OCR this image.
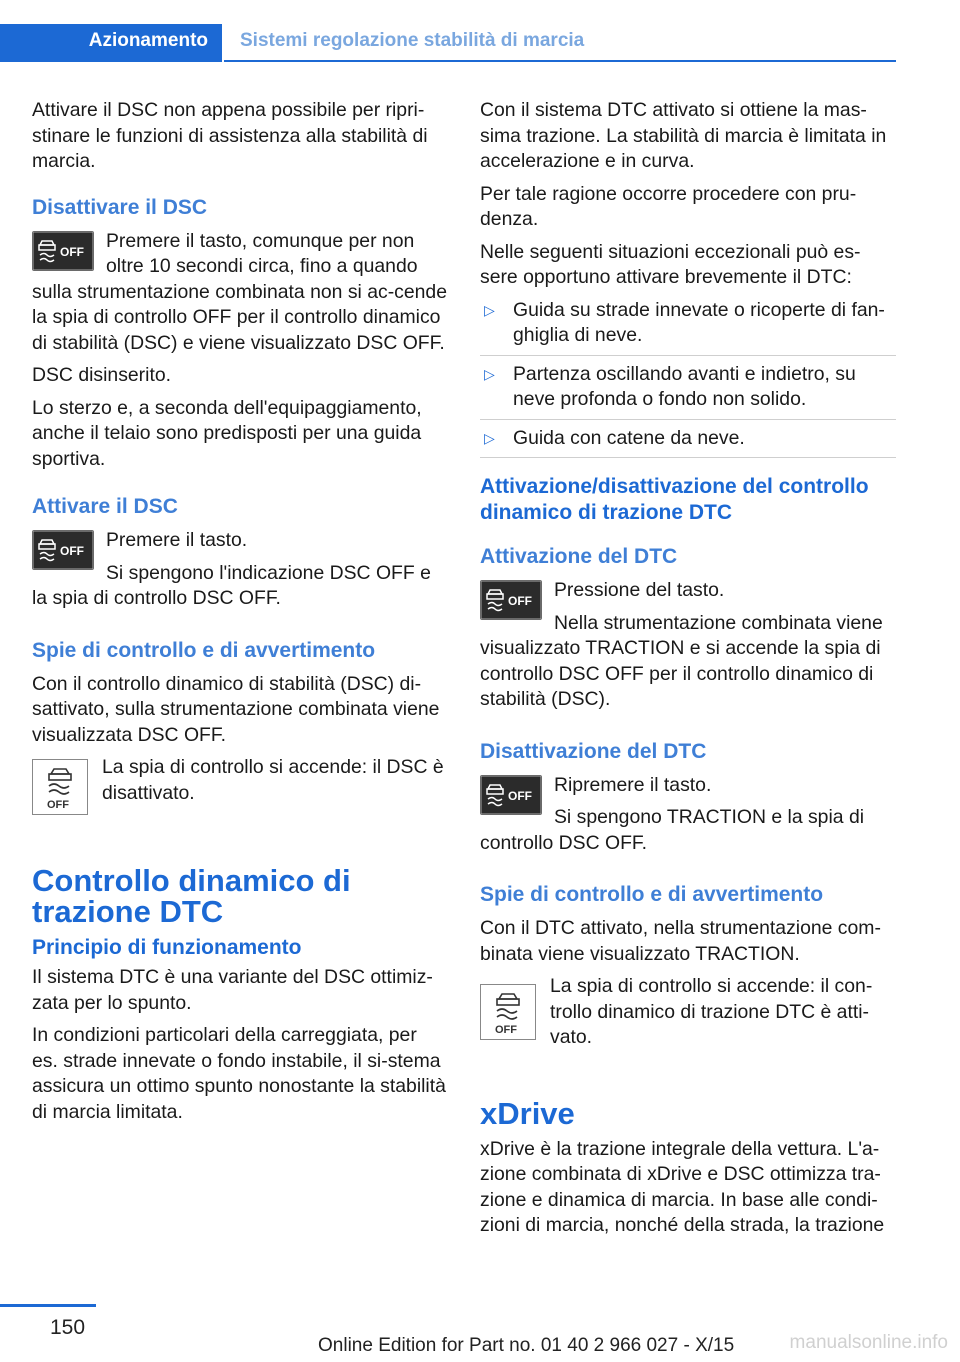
Azionamento Sistemi regolazione stabilità di marcia

Attivare il DSC non appena possibile per ripri‐stinare le funzioni di assistenza alla stabilità di marcia.

Disattivare il DSC
OFF	Premere il tasto, comunque per non oltre 10 secondi circa, fino a quando sulla strumentazione combinata non si ac‐cende la spia di controllo OFF per il controllo dinamico di stabilità (DSC) e viene visualizzato DSC OFF.

DSC disinserito.

Lo sterzo e, a seconda dell'equipaggiamento, anche il telaio sono predisposti per una guida sportiva.

Attivare il DSC
OFF	Premere il tasto.

Si spengono l'indicazione DSC OFF e la spia di controllo DSC OFF.

Spie di controllo e di avvertimento

Con il controllo dinamico di stabilità (DSC) di‐sattivato, sulla strumentazione combinata viene visualizzata DSC OFF.

OFF

La spia di controllo si accende: il DSC è disattivato.

Controllo dinamico di trazione DTC
Principio di funzionamento

Il sistema DTC è una variante del DSC ottimiz‐zata per lo spunto.

In condizioni particolari della carreggiata, per es. strade innevate o fondo instabile, il si‐stema assicura un ottimo spunto nonostante la stabilità di marcia limitata.

Con il sistema DTC attivato si ottiene la mas‐sima trazione. La stabilità di marcia è limitata in accelerazione e in curva.

Per tale ragione occorre procedere con pru‐denza.

Nelle seguenti situazioni eccezionali può es‐sere opportuno attivare brevemente il DTC:

▷ Guida su strade innevate o ricoperte di fan‐ghiglia di neve.
▷ Partenza oscillando avanti e indietro, su neve profonda o fondo non solido.
▷ Guida con catene da neve.
Attivazione/disattivazione del controllo dinamico di trazione DTC
Attivazione del DTC
OFF	Pressione del tasto.

Nella strumentazione combinata viene visualizzato TRACTION e si accende la spia di controllo DSC OFF per il controllo dinamico di stabilità (DSC).

Disattivazione del DTC
OFF	Ripremere il tasto.

Si spengono TRACTION e la spia di controllo DSC OFF.

Spie di controllo e di avvertimento

Con il DTC attivato, nella strumentazione com‐binata viene visualizzato TRACTION.

OFF

La spia di controllo si accende: il con‐trollo dinamico di trazione DTC è atti‐vato.

xDrive

xDrive è la trazione integrale della vettura. L'a‐zione combinata di xDrive e DSC ottimizza tra‐zione e dinamica di marcia. In base alle condi‐zioni di marcia, nonché della strada, la trazione

150
Online Edition for Part no. 01 40 2 966 027 - X/15	manualsonline.info
